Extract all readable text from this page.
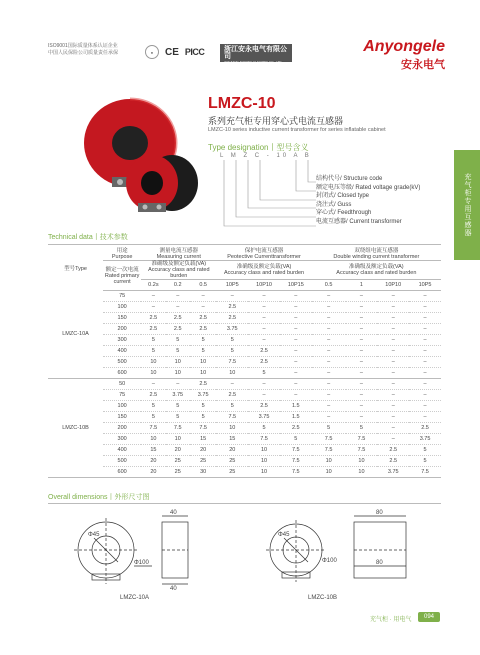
ISO9001国际质量体系认证企业
中国人民保险公司质量责任承保	●	CE PICC	浙江安永电气有限公司
ZHEJIANG ANYONG ELECTRIC CO., LTD.
Anyongele
安永电气
充气柜专用互感器
LMZC-10
系列充气柜专用穿心式电流互感器
LMZC-10 series inductive current transformer for series inflatable cabinet
Type designation丨型号含义
L M Z C - 10 A B
结构代号/ Structure code
额定电压等级/ Rated voltage grade(kV)
封闭式/ Closed type
浇注式/ Guss
穿心式/ Feedthrough
电流互感器/ Current transformer
Technical data丨技术参数
型号Type	用途
Purpose	测量电流互感器
Measuring current			保护电流互感器
Peotective Currenttransformer			双绕组电流互感器
Double winding current transformer			
	额定一次电流
Rated primary current	准确级及额定负载(VA)
Accuracy class and rated burden			准确级及额定负载(VA)
Accuracy class and rated burden			准确级及额定负载(VA)
Accuracy class and rated burden			
		0.2s	0.2	0.5	10P5	10P10	10P15	0.5	1	10P10	10P5
LMZC-10A	75	–	–	–	–	–	–	–	–	–	–
	100	–	–	–	2.5	–	–	–	–	–	–
	150	2.5	2.5	2.5	2.5	–	–	–	–	–	–
	200	2.5	2.5	2.5	3.75	–	–	–	–	–	–
	300	5	5	5	5	–	–	–	–	–	–
	400	5	5	5	5	2.5	–	–	–	–	–
	500	10	10	10	7.5	2.5	–	–	–	–	–
	600	10	10	10	10	5	–	–	–	–	–
LMZC-10B	50	–	–	2.5	–	–	–	–	–	–	–
	75	2.5	3.75	3.75	2.5	–	–	–	–	–	–
	100	5	5	5	5	2.5	1.5	–	–	–	–
	150	5	5	5	7.5	3.75	1.5	–	–	–	–
	200	7.5	7.5	7.5	10	5	2.5	5	5	–	2.5
	300	10	10	15	15	7.5	5	7.5	7.5	–	3.75
	400	15	20	20	20	10	7.5	7.5	7.5	2.5	5
	500	20	25	25	25	10	7.5	10	10	2.5	5
	600	20	25	30	25	10	7.5	10	10	3.75	7.5
Overall dimensions丨外形尺寸图
Φ45
Φ100
40
40
Φ45
Φ100
80
80
LMZC-10A	LMZC-10B
充气柜 · 用电气	094
